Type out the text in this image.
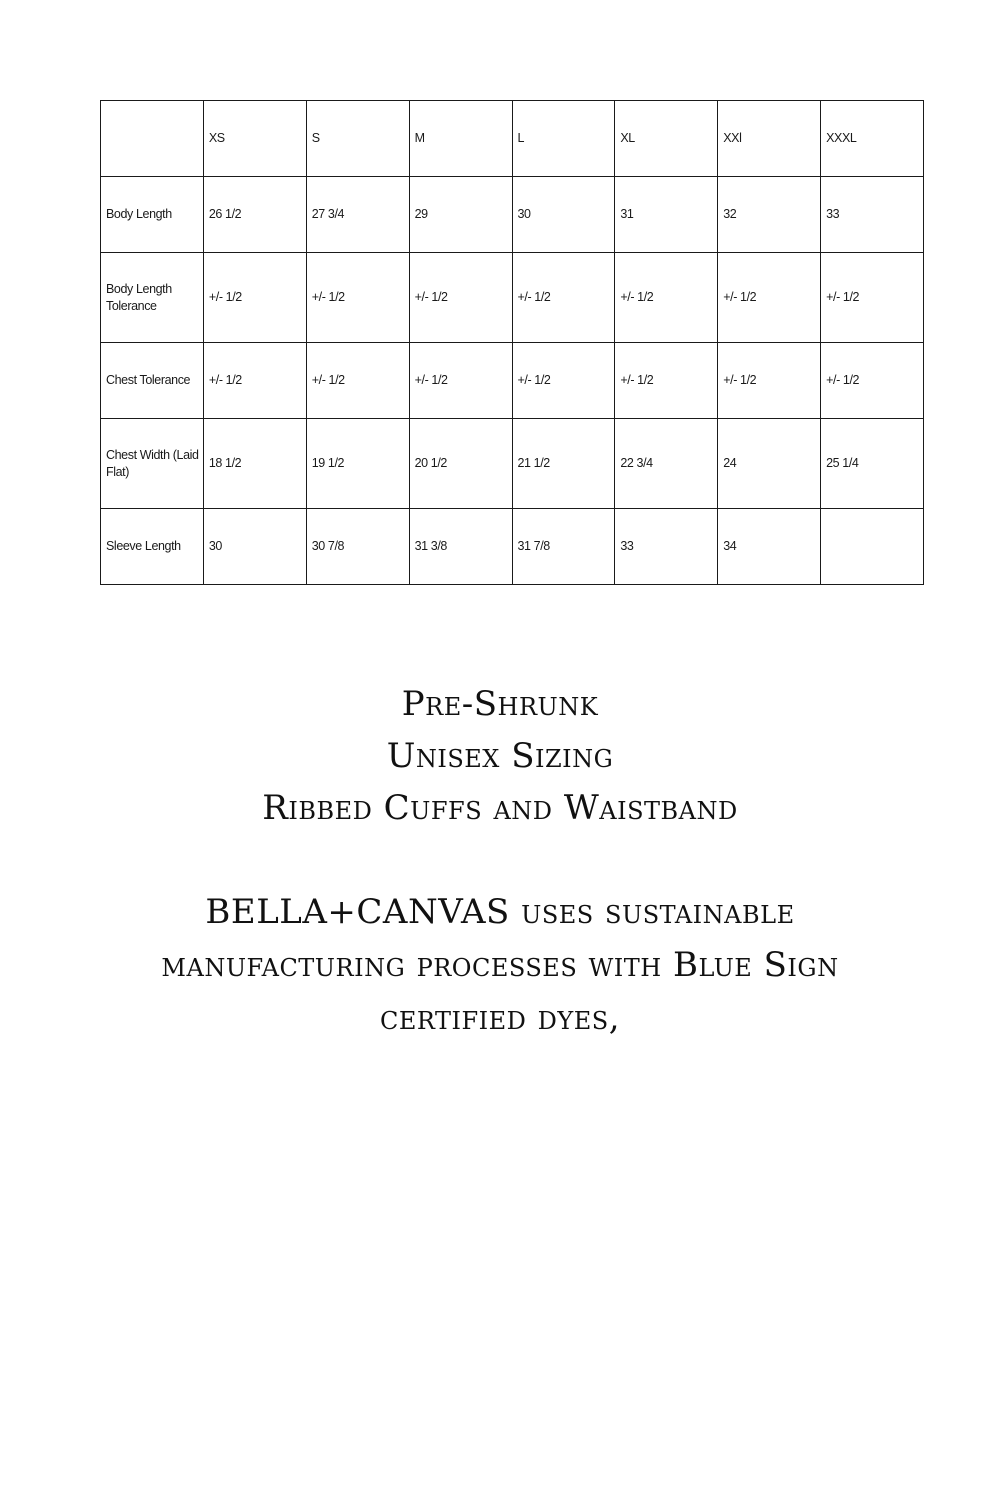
	XS	S	M	L	XL	XXl	XXXL
Body Length	26 1/2	27 3/4	29	30	31	32	33
Body Length Tolerance	+/- 1/2	+/- 1/2	+/- 1/2	+/- 1/2	+/- 1/2	+/- 1/2	+/- 1/2
Chest Tolerance	+/- 1/2	+/- 1/2	+/- 1/2	+/- 1/2	+/- 1/2	+/- 1/2	+/- 1/2
Chest Width (Laid Flat)	18 1/2	19 1/2	20 1/2	21 1/2	22 3/4	24	25 1/4
Sleeve Length	30	30 7/8	31 3/8	31 7/8	33	34	
Pre-Shrunk
Unisex Sizing
Ribbed Cuffs and Waistband
BELLA+CANVAS uses sustainable manufacturing processes with Blue Sign certified dyes,
